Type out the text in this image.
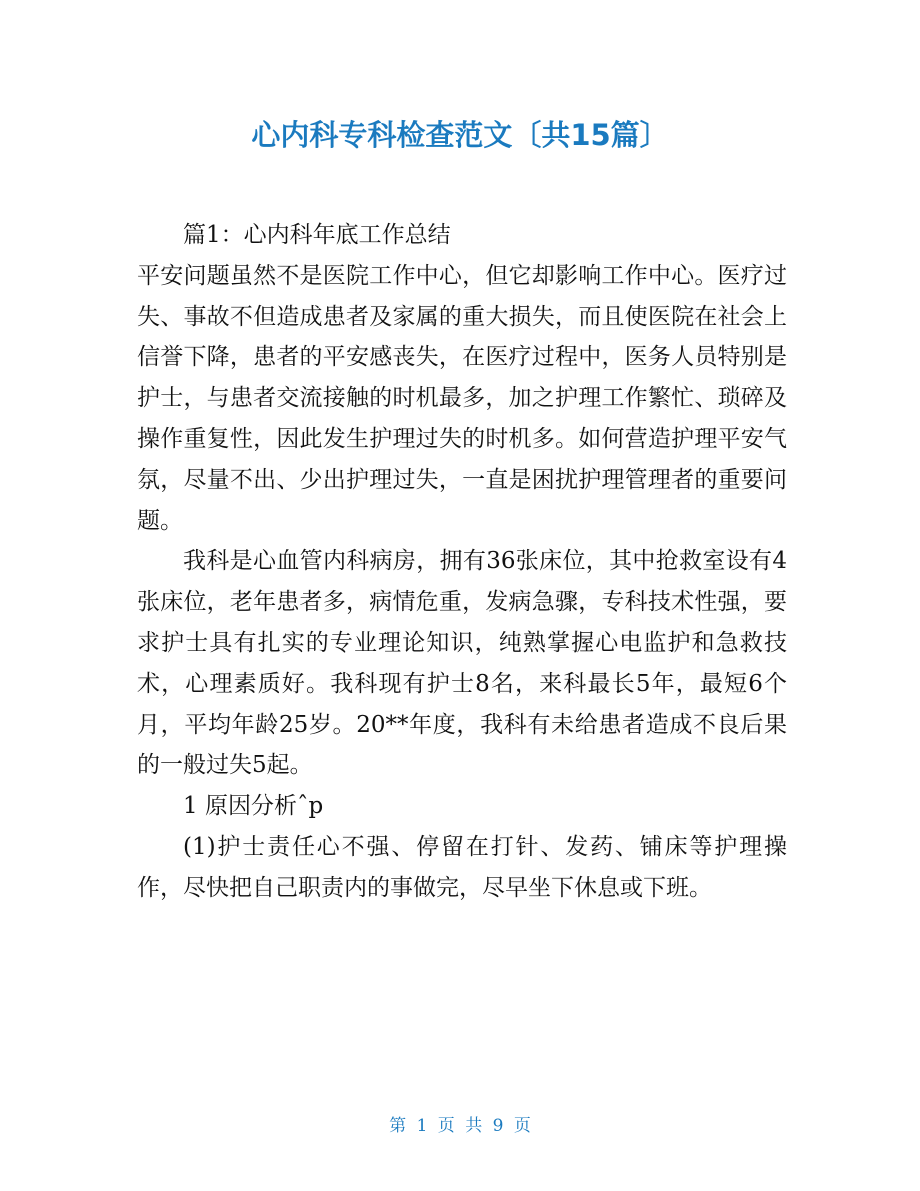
心内科专科检查范文〔共15篇〕

篇1：心内科年底工作总结

平安问题虽然不是医院工作中心，但它却影响工作中心。医疗过失、事故不但造成患者及家属的重大损失，而且使医院在社会上信誉下降，患者的平安感丧失，在医疗过程中，医务人员特别是护士，与患者交流接触的时机最多，加之护理工作繁忙、琐碎及操作重复性，因此发生护理过失的时机多。如何营造护理平安气氛，尽量不出、少出护理过失，一直是困扰护理管理者的重要问题。

我科是心血管内科病房，拥有36张床位，其中抢救室设有4张床位，老年患者多，病情危重，发病急骤，专科技术性强，要求护士具有扎实的专业理论知识，纯熟掌握心电监护和急救技术，心理素质好。我科现有护士8名，来科最长5年，最短6个月，平均年龄25岁。20**年度，我科有未给患者造成不良后果的一般过失5起。

1 原因分析ˆp

(1)护士责任心不强、停留在打针、发药、铺床等护理操作，尽快把自己职责内的事做完，尽早坐下休息或下班。

第 1 页 共 9 页
